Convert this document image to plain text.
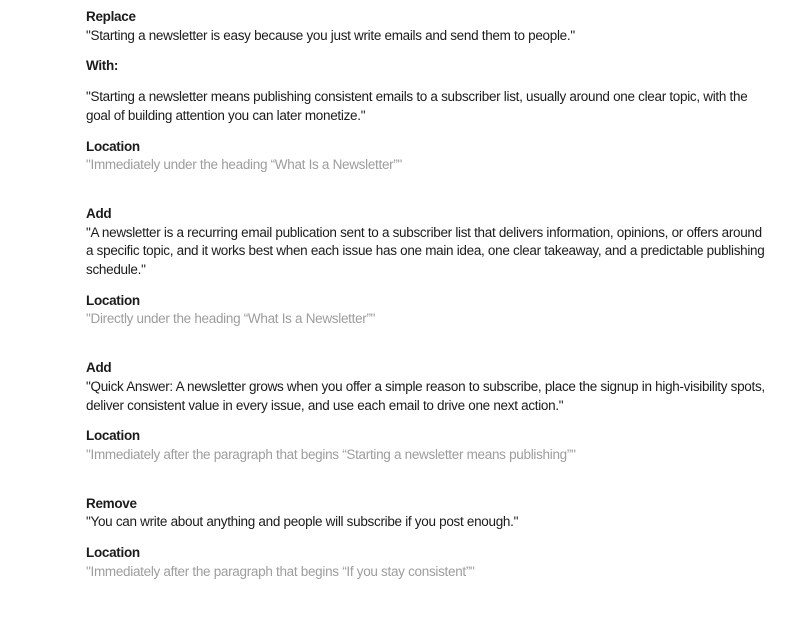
Replace
"Starting a newsletter is easy because you just write emails and send them to people."

With:

"Starting a newsletter means publishing consistent emails to a subscriber list, usually around one clear topic, with the goal of building attention you can later monetize."

Location
"Immediately under the heading “What Is a Newsletter”"

Add
"A newsletter is a recurring email publication sent to a subscriber list that delivers information, opinions, or offers around a specific topic, and it works best when each issue has one main idea, one clear takeaway, and a predictable publishing schedule."

Location
"Directly under the heading “What Is a Newsletter”"

Add
"Quick Answer: A newsletter grows when you offer a simple reason to subscribe, place the signup in high-visibility spots, deliver consistent value in every issue, and use each email to drive one next action."

Location
"Immediately after the paragraph that begins “Starting a newsletter means publishing”"

Remove
"You can write about anything and people will subscribe if you post enough."

Location
"Immediately after the paragraph that begins “If you stay consistent”"
